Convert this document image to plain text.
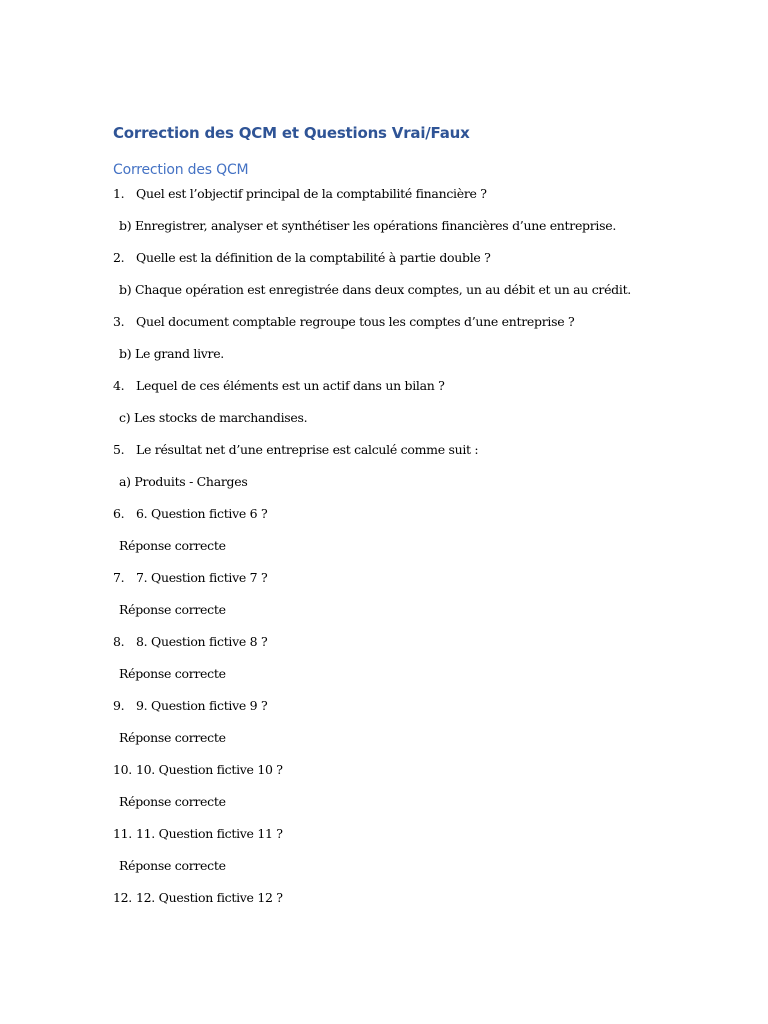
Correction des QCM et Questions Vrai/Faux
Correction des QCM
1. Quel est l’objectif principal de la comptabilité financière ?
b) Enregistrer, analyser et synthétiser les opérations financières d’une entreprise.
2. Quelle est la définition de la comptabilité à partie double ?
b) Chaque opération est enregistrée dans deux comptes, un au débit et un au crédit.
3. Quel document comptable regroupe tous les comptes d’une entreprise ?
b) Le grand livre.
4. Lequel de ces éléments est un actif dans un bilan ?
c) Les stocks de marchandises.
5. Le résultat net d’une entreprise est calculé comme suit :
a) Produits - Charges
6. 6. Question fictive 6 ?
Réponse correcte
7. 7. Question fictive 7 ?
Réponse correcte
8. 8. Question fictive 8 ?
Réponse correcte
9. 9. Question fictive 9 ?
Réponse correcte
10. 10. Question fictive 10 ?
Réponse correcte
11. 11. Question fictive 11 ?
Réponse correcte
12. 12. Question fictive 12 ?
